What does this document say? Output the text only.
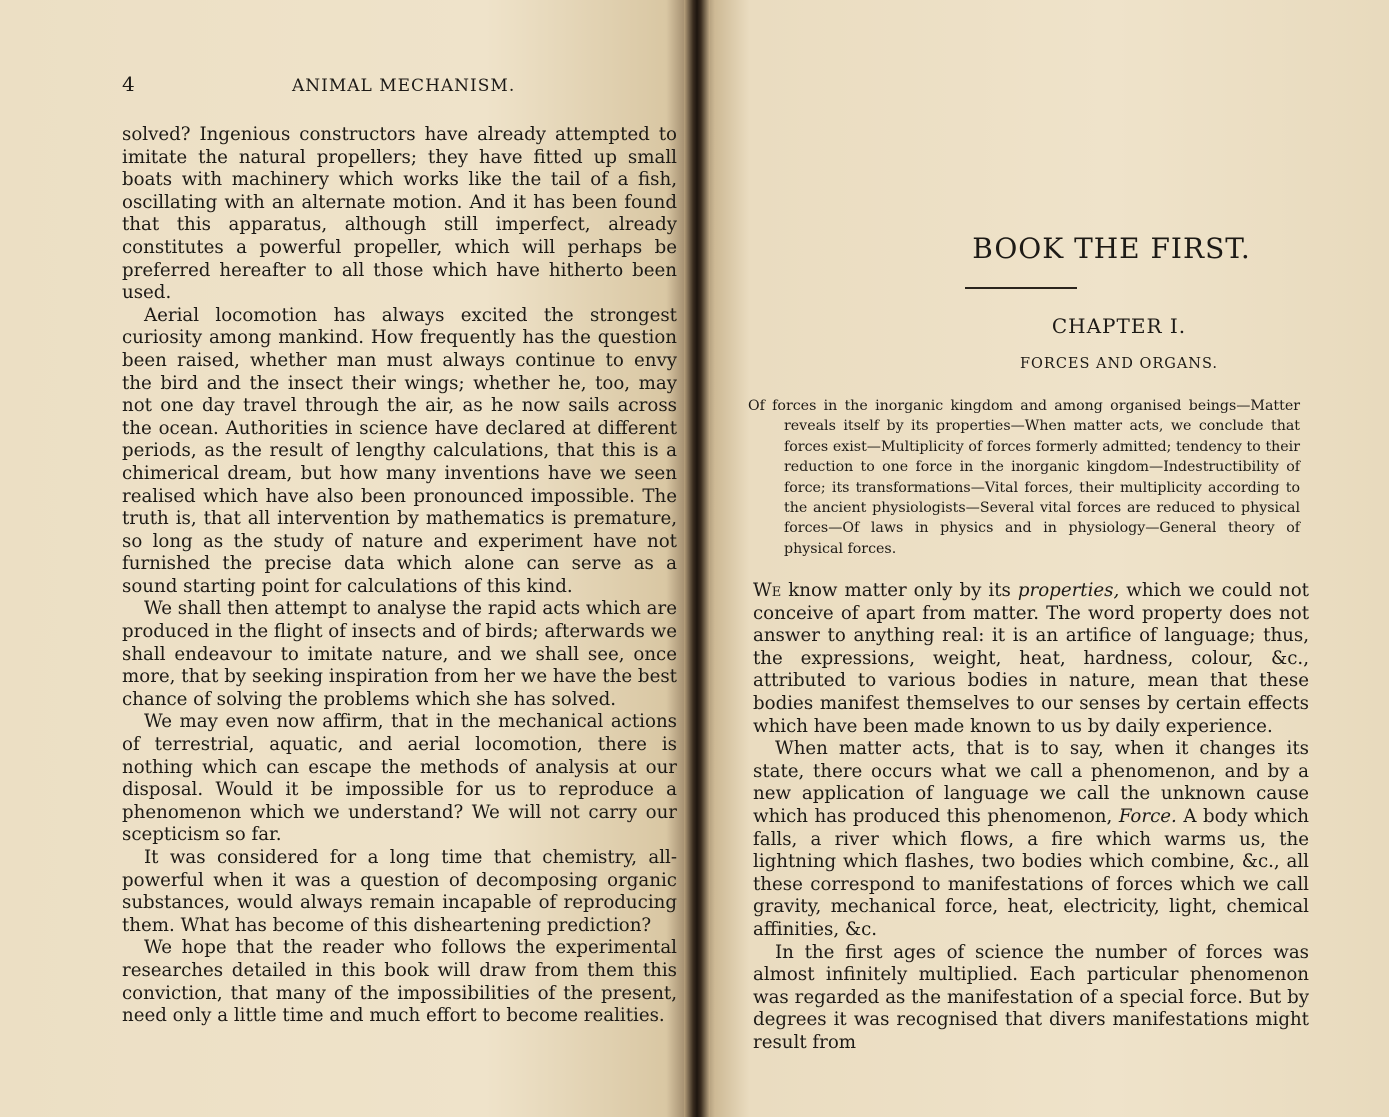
4	ANIMAL MECHANISM.

solved? Ingenious constructors have already attempted to imitate the natural propellers; they have fitted up small boats with machinery which works like the tail of a fish, oscillating with an alternate motion. And it has been found that this apparatus, although still imperfect, already constitutes a powerful propeller, which will perhaps be preferred hereafter to all those which have hitherto been used.

Aerial locomotion has always excited the strongest curiosity among mankind. How frequently has the question been raised, whether man must always continue to envy the bird and the insect their wings; whether he, too, may not one day travel through the air, as he now sails across the ocean. Authorities in science have declared at different periods, as the result of lengthy calculations, that this is a chimerical dream, but how many inventions have we seen realised which have also been pronounced impossible. The truth is, that all intervention by mathematics is premature, so long as the study of nature and experiment have not furnished the precise data which alone can serve as a sound starting point for calculations of this kind.

We shall then attempt to analyse the rapid acts which are produced in the flight of insects and of birds; afterwards we shall endeavour to imitate nature, and we shall see, once more, that by seeking inspiration from her we have the best chance of solving the problems which she has solved.

We may even now affirm, that in the mechanical actions of terrestrial, aquatic, and aerial locomotion, there is nothing which can escape the methods of analysis at our disposal. Would it be impossible for us to reproduce a phenomenon which we understand? We will not carry our scepticism so far.

It was considered for a long time that chemistry, all-powerful when it was a question of decomposing organic substances, would always remain incapable of reproducing them. What has become of this disheartening prediction?

We hope that the reader who follows the experimental researches detailed in this book will draw from them this conviction, that many of the impossibilities of the present, need only a little time and much effort to become realities.

BOOK THE FIRST.
CHAPTER I.
FORCES AND ORGANS.
Of forces in the inorganic kingdom and among organised beings—Matter reveals itself by its properties—When matter acts, we conclude that forces exist—Multiplicity of forces formerly admitted; tendency to their reduction to one force in the inorganic kingdom—Indestructibility of force; its transformations—Vital forces, their multiplicity according to the ancient physiologists—Several vital forces are reduced to physical forces—Of laws in physics and in physiology—General theory of physical forces.

We know matter only by its properties, which we could not conceive of apart from matter. The word property does not answer to anything real: it is an artifice of language; thus, the expressions, weight, heat, hardness, colour, &c., attributed to various bodies in nature, mean that these bodies manifest themselves to our senses by certain effects which have been made known to us by daily experience.

When matter acts, that is to say, when it changes its state, there occurs what we call a phenomenon, and by a new application of language we call the unknown cause which has produced this phenomenon, Force. A body which falls, a river which flows, a fire which warms us, the lightning which flashes, two bodies which combine, &c., all these correspond to manifestations of forces which we call gravity, mechanical force, heat, electricity, light, chemical affinities, &c.

In the first ages of science the number of forces was almost infinitely multiplied. Each particular phenomenon was regarded as the manifestation of a special force. But by degrees it was recognised that divers manifestations might result from
